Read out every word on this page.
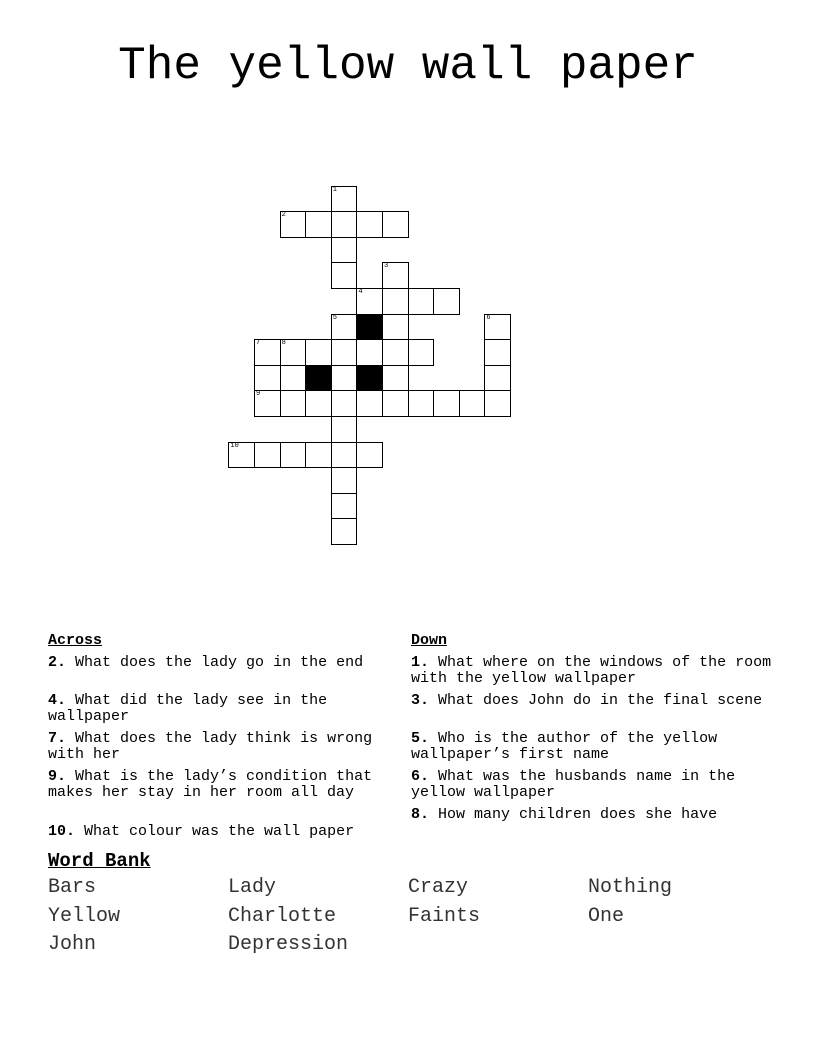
The yellow wall paper
1
2
3
4
5	6
7	8
9
10
Across
2. What does the lady go in the end
4. What did the lady see in the wallpaper
7. What does the lady think is wrong with her
9. What is the lady’s condition that makes her stay in her room all day
10. What colour was the wall paper
Down
1. What where on the windows of the room with the yellow wallpaper
3. What does John do in the final scene
5. Who is the author of the yellow wallpaper’s first name
6. What was the husbands name in the yellow wallpaper
8. How many children does she have
Word Bank
Bars	Lady	Crazy	Nothing
Yellow	Charlotte	Faints	One
John	Depression
